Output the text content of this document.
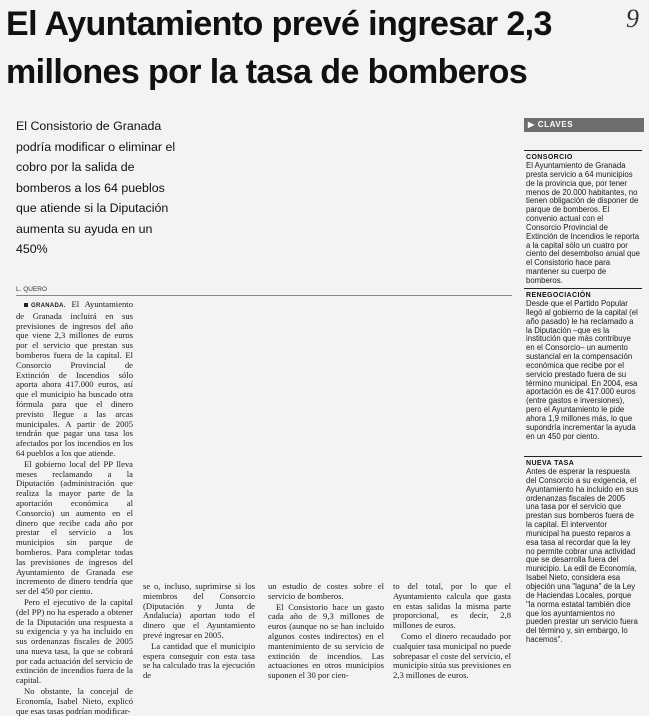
El Ayuntamiento prevé ingresar 2,3 millones por la tasa de bomberos
9
El Consistorio de Granada podría modificar o eliminar el cobro por la salida de bomberos a los 64 pueblos que atiende si la Diputación aumenta su ayuda en un 450%
L. QUERO

GRANADA. El Ayuntamiento de Granada incluirá en sus previsiones de ingresos del año que viene 2,3 millones de euros por el servicio que prestan sus bomberos fuera de la capital. El Consorcio Provincial de Extinción de Incendios sólo aporta ahora 417.000 euros, así que el municipio ha buscado otra fórmula para que el dinero previsto llegue a las arcas municipales. A partir de 2005 tendrán que pagar una tasa los afectados por los incendios en los 64 pueblos a los que atiende.

El gobierno local del PP lleva meses reclamando a la Diputación (administración que realiza la mayor parte de la aportación económica al Consorcio) un aumento en el dinero que recibe cada año por prestar el servicio a los municipios sin parque de bomberos. Para completar todas las previsiones de ingresos del Ayuntamiento de Granada ese incremento de dinero tendría que ser del 450 por ciento.

Pero el ejecutivo de la capital (del PP) no ha esperado a obtener de la Diputación una respuesta a su exigencia y ya ha incluido en sus ordenanzas fiscales de 2005 una nueva tasa, la que se cobrará por cada actuación del servicio de extinción de incendios fuera de la capital.

No obstante, la concejal de Economía, Isabel Nieto, explicó que esas tasas podrían modificar-

se o, incluso, suprimirse si los miembros del Consorcio (Diputación y Junta de Andalucía) aportan todo el dinero que el Ayuntamiento prevé ingresar en 2005.

La cantidad que el municipio espera conseguir con esta tasa se ha calculado tras la ejecución de

un estudio de costes sobre el servicio de bomberos.

El Consistorio hace un gasto cada año de 9,3 millones de euros (aunque no se han incluido algunos costes indirectos) en el mantenimiento de su servicio de extinción de incendios. Las actuaciones en otros municipios suponen el 30 por cien-

to del total, por lo que el Ayuntamiento calcula que gasta en estas salidas la misma parte proporcional, es decir, 2,8 millones de euros.

Como el dinero recaudado por cualquier tasa municipal no puede sobrepasar el coste del servicio, el municipio sitúa sus previsiones en 2,3 millones de euros.

▶ CLAVES
CONSORCIO

El Ayuntamiento de Granada presta servicio a 64 municipios de la provincia que, por tener menos de 20.000 habitantes, no tienen obligación de disponer de parque de bomberos. El convenio actual con el Consorcio Provincial de Extinción de Incendios le reporta a la capital sólo un cuatro por ciento del desembolso anual que el Consistorio hace para mantener su cuerpo de bomberos.

RENEGOCIACIÓN

Desde que el Partido Popular llegó al gobierno de la capital (el año pasado) le ha reclamado a la Diputación –que es la institución que más contribuye en el Consorcio– un aumento sustancial en la compensación económica que recibe por el servicio prestado fuera de su término municipal. En 2004, esa aportación es de 417.000 euros (entre gastos e inversiones), pero el Ayuntamiento le pide ahora 1,9 millones más, lo que supondría incrementar la ayuda en un 450 por ciento.

NUEVA TASA

Antes de esperar la respuesta del Consorcio a su exigencia, el Ayuntamiento ha incluido en sus ordenanzas fiscales de 2005 una tasa por el servicio que prestan sus bomberos fuera de la capital. El interventor municipal ha puesto reparos a esa tasa al recordar que la ley no permite cobrar una actividad que se desarrolla fuera del municipio. La edil de Economía, Isabel Nieto, considera esa objeción una "laguna" de la Ley de Haciendas Locales, porque "la norma estatal también dice que los ayuntamientos no pueden prestar un servicio fuera del término y, sin embargo, lo hacemos".
